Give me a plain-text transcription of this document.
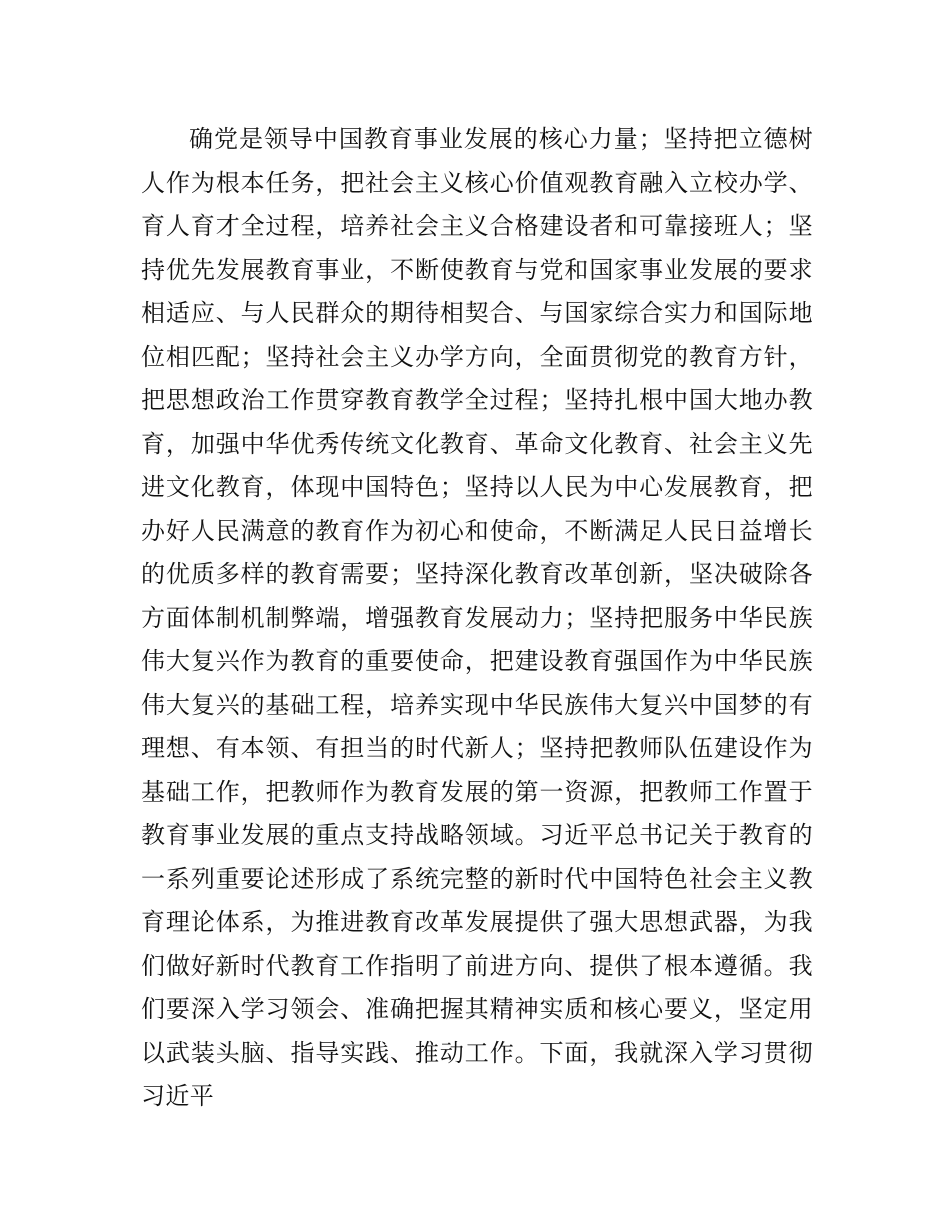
确党是领导中国教育事业发展的核心力量；坚持把立德树人作为根本任务，把社会主义核心价值观教育融入立校办学、育人育才全过程，培养社会主义合格建设者和可靠接班人；坚持优先发展教育事业，不断使教育与党和国家事业发展的要求相适应、与人民群众的期待相契合、与国家综合实力和国际地位相匹配；坚持社会主义办学方向，全面贯彻党的教育方针，把思想政治工作贯穿教育教学全过程；坚持扎根中国大地办教育，加强中华优秀传统文化教育、革命文化教育、社会主义先进文化教育，体现中国特色；坚持以人民为中心发展教育，把办好人民满意的教育作为初心和使命，不断满足人民日益增长的优质多样的教育需要；坚持深化教育改革创新，坚决破除各方面体制机制弊端，增强教育发展动力；坚持把服务中华民族伟大复兴作为教育的重要使命，把建设教育强国作为中华民族伟大复兴的基础工程，培养实现中华民族伟大复兴中国梦的有理想、有本领、有担当的时代新人；坚持把教师队伍建设作为基础工作，把教师作为教育发展的第一资源，把教师工作置于教育事业发展的重点支持战略领域。习近平总书记关于教育的一系列重要论述形成了系统完整的新时代中国特色社会主义教育理论体系，为推进教育改革发展提供了强大思想武器，为我们做好新时代教育工作指明了前进方向、提供了根本遵循。我们要深入学习领会、准确把握其精神实质和核心要义，坚定用以武装头脑、指导实践、推动工作。下面，我就深入学习贯彻习近平
